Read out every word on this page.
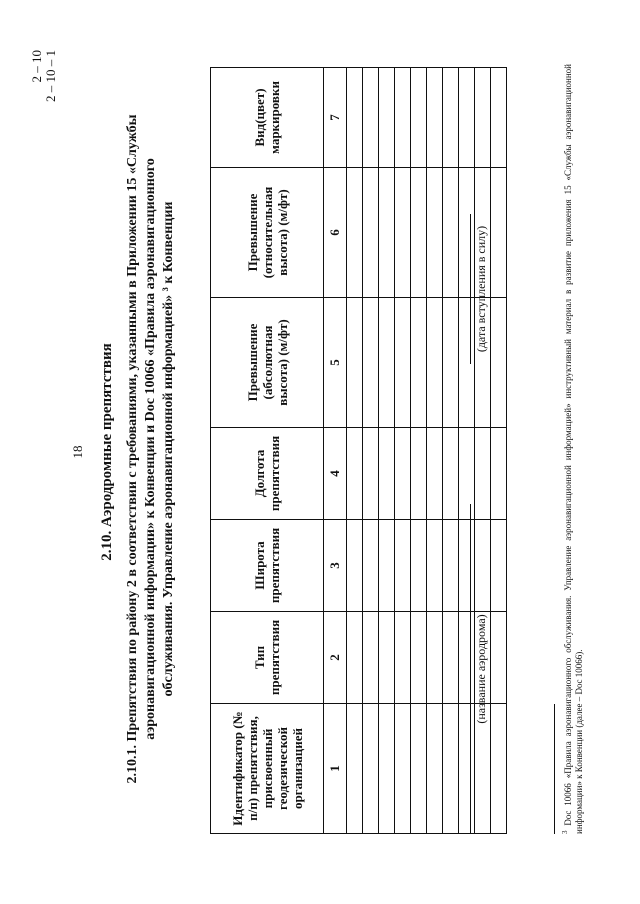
18
2 – 10 2 – 10 – 1
2.10. Аэродромные препятствия 2.10.1. Препятствия по району 2 в соответствии с требованиями, указанными в Приложении 15 «Службы аэронавигационной информации» к Конвенции и Doc 10066 «Правила аэронавигационного обслуживания. Управление аэронавигационной информацией» ³ к Конвенции
Идентификатор (№ п/п) препятствия, присвоенный геодезической организацией	Тип препятствия	Широта препятствия	Долгота препятствия	Превышение (абсолютная высота) (м/фт)	Превышение (относительная высота) (м/фт)	Вид(цвет) маркировки
1	2	3	4	5	6	7

(название аэродрома)
(дата вступления в силу)
$^3$ Doc 10066 «Правила аэронавигационного обслуживания. Управление аэронавигационной информацией» инструктивный материал в развитие приложения 15 «Службы аэронавигационной информации» к Конвенции (далее – Doc 10066).
